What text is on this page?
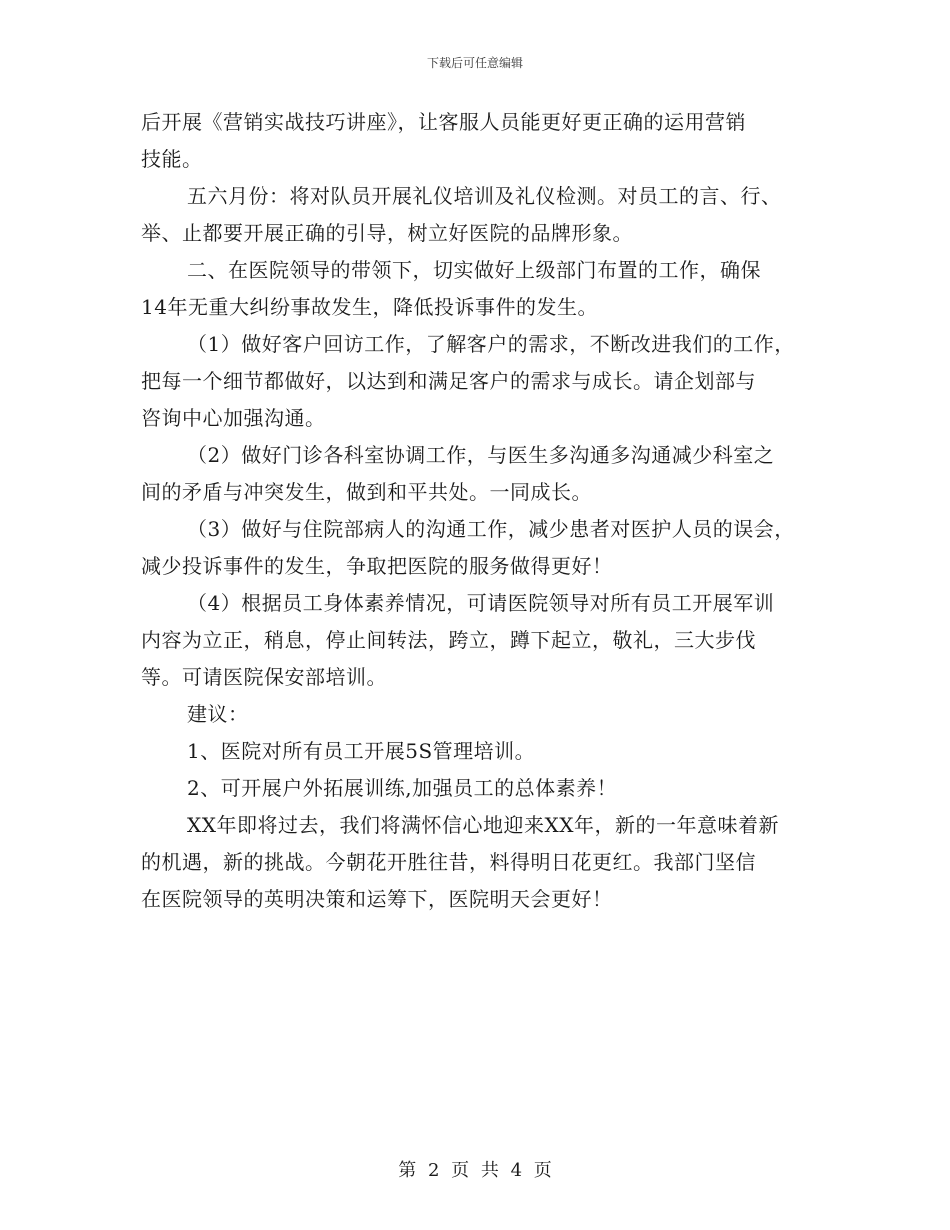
下载后可任意编辑
后开展《营销实战技巧讲座》，让客服人员能更好更正确的运用营销
技能。
五六月份：将对队员开展礼仪培训及礼仪检测。对员工的言、行、
举、止都要开展正确的引导，树立好医院的品牌形象。
二、在医院领导的带领下，切实做好上级部门布置的工作，确保
14年无重大纠纷事故发生，降低投诉事件的发生。
（1）做好客户回访工作，了解客户的需求，不断改进我们的工作，
把每一个细节都做好，以达到和满足客户的需求与成长。请企划部与
咨询中心加强沟通。
（2）做好门诊各科室协调工作，与医生多沟通多沟通减少科室之
间的矛盾与冲突发生，做到和平共处。一同成长。
（3）做好与住院部病人的沟通工作，减少患者对医护人员的误会，
减少投诉事件的发生，争取把医院的服务做得更好！
（4）根据员工身体素养情况，可请医院领导对所有员工开展军训
内容为立正，稍息，停止间转法，跨立，蹲下起立，敬礼，三大步伐
等。可请医院保安部培训。
建议：
1、医院对所有员工开展5S管理培训。
2、可开展户外拓展训练,加强员工的总体素养！
XX年即将过去，我们将满怀信心地迎来XX年，新的一年意味着新
的机遇，新的挑战。今朝花开胜往昔，料得明日花更红。我部门坚信
在医院领导的英明决策和运筹下，医院明天会更好！
第 2 页 共 4 页
